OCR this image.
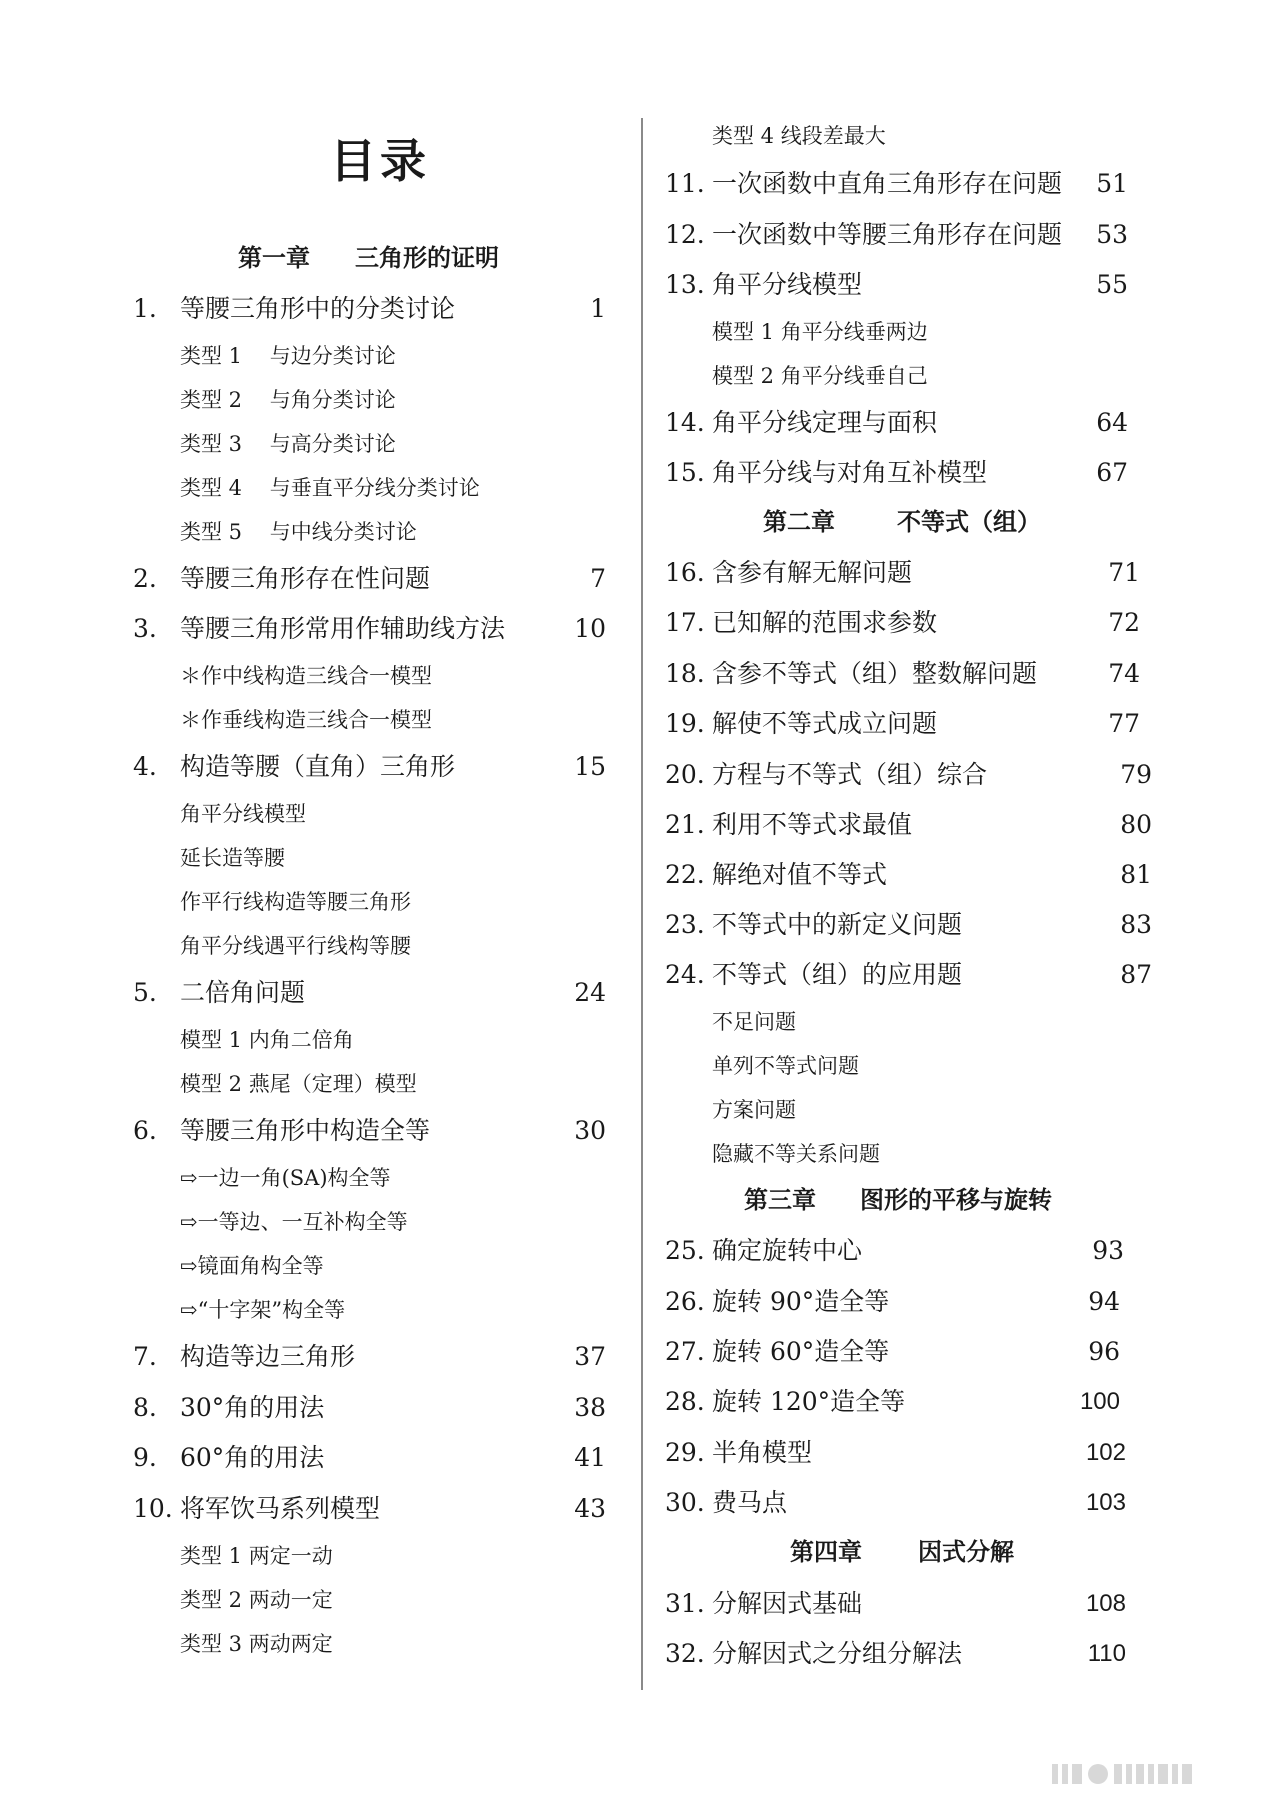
目录
第一章 三角形的证明
1. 等腰三角形中的分类讨论	1
类型 1　 与边分类讨论
类型 2　 与角分类讨论
类型 3　 与高分类讨论
类型 4　 与垂直平分线分类讨论
类型 5　 与中线分类讨论
2. 等腰三角形存在性问题	7
3. 等腰三角形常用作辅助线方法	10
＊作中线构造三线合一模型
＊作垂线构造三线合一模型
4. 构造等腰（直角）三角形	15
角平分线模型
延长造等腰
作平行线构造等腰三角形
角平分线遇平行线构等腰
5. 二倍角问题	24
模型 1 内角二倍角
模型 2 燕尾（定理）模型
6. 等腰三角形中构造全等	30
⇨一边一角(SA)构全等
⇨一等边、一互补构全等
⇨镜面角构全等
⇨“十字架”构全等
7. 构造等边三角形	37
8. 30°角的用法	38
9. 60°角的用法	41
10. 将军饮马系列模型	43
类型 1 两定一动
类型 2 两动一定
类型 3 两动两定
类型 4 线段差最大
11. 一次函数中直角三角形存在问题 51
12. 一次函数中等腰三角形存在问题 53
13. 角平分线模型	55
模型 1 角平分线垂两边
模型 2 角平分线垂自己
14. 角平分线定理与面积	64
15. 角平分线与对角互补模型	67
第二章	不等式（组）
16. 含参有解无解问题	71
17. 已知解的范围求参数	72
18. 含参不等式（组）整数解问题	74
19. 解使不等式成立问题	77
20. 方程与不等式（组）综合	79
21. 利用不等式求最值	80
22. 解绝对值不等式	81
23. 不等式中的新定义问题	83
24. 不等式（组）的应用题	87
不足问题
单列不等式问题
方案问题
隐藏不等关系问题
第三章 图形的平移与旋转
25. 确定旋转中心	93
26. 旋转 90°造全等	94
27. 旋转 60°造全等	96
28. 旋转 120°造全等	100
29. 半角模型	102
30. 费马点	103
第四章 因式分解
31. 分解因式基础	108
32. 分解因式之分组分解法	110
